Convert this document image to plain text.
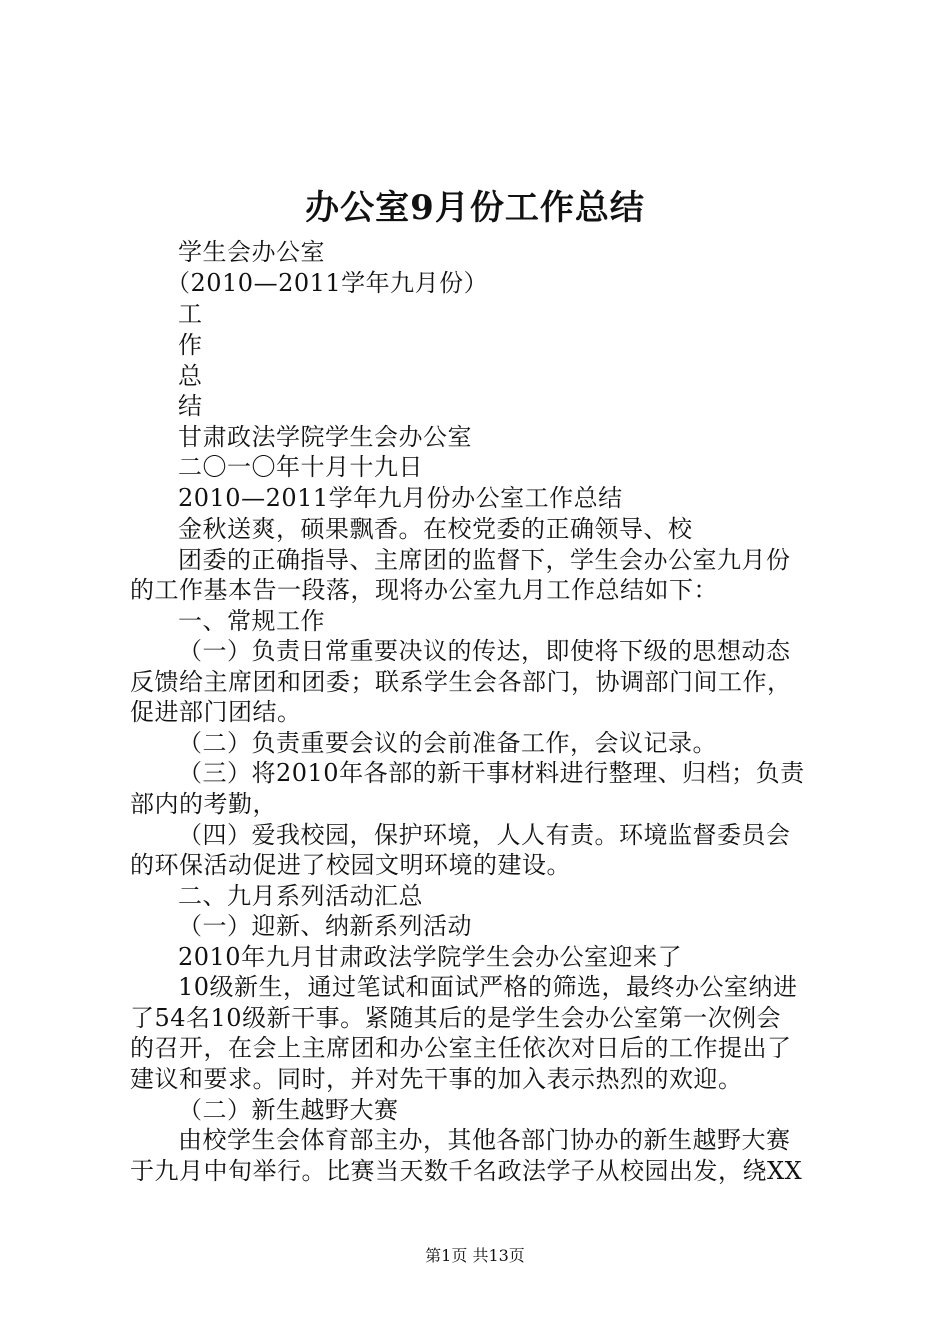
办公室9月份工作总结
学生会办公室
（2010—2011学年九月份）
工
作
总
结
甘肃政法学院学生会办公室
二〇一〇年十月十九日
2010—2011学年九月份办公室工作总结
金秋送爽，硕果飘香。在校党委的正确领导、校
团委的正确指导、主席团的监督下，学生会办公室九月份
的工作基本告一段落，现将办公室九月工作总结如下：
一、常规工作
（一）负责日常重要决议的传达，即使将下级的思想动态
反馈给主席团和团委；联系学生会各部门，协调部门间工作，
促进部门团结。
（二）负责重要会议的会前准备工作，会议记录。
（三）将2010年各部的新干事材料进行整理、归档；负责
部内的考勤，
（四）爱我校园，保护环境，人人有责。环境监督委员会
的环保活动促进了校园文明环境的建设。
二、九月系列活动汇总
（一）迎新、纳新系列活动
2010年九月甘肃政法学院学生会办公室迎来了
10级新生，通过笔试和面试严格的筛选，最终办公室纳进
了54名10级新干事。紧随其后的是学生会办公室第一次例会
的召开，在会上主席团和办公室主任依次对日后的工作提出了
建议和要求。同时，并对先干事的加入表示热烈的欢迎。
（二）新生越野大赛
由校学生会体育部主办，其他各部门协办的新生越野大赛
于九月中旬举行。比赛当天数千名政法学子从校园出发，绕XX
第1页 共13页
